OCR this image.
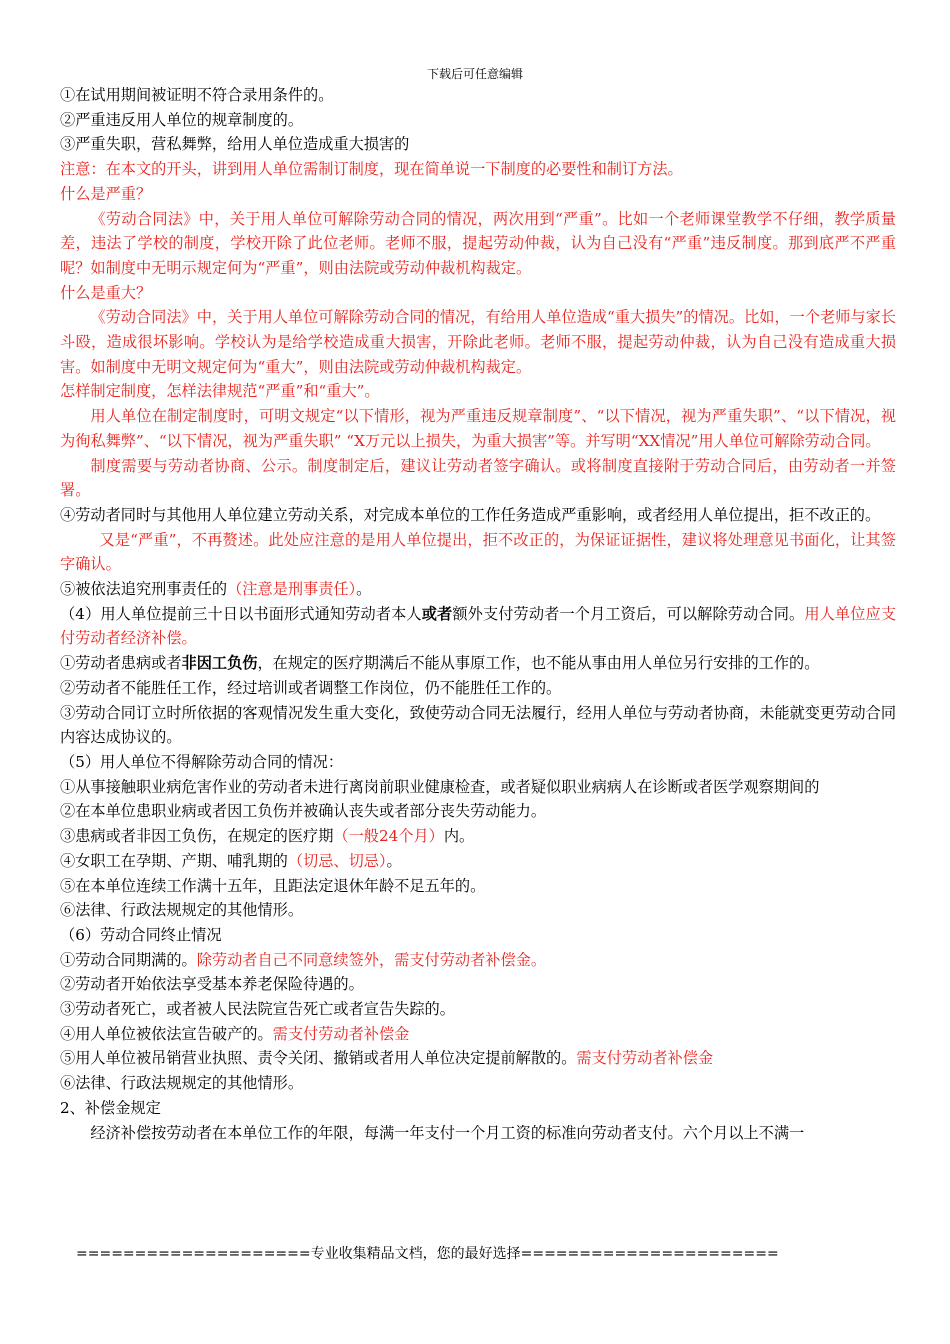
下载后可任意编辑

①在试用期间被证明不符合录用条件的。

②严重违反用人单位的规章制度的。

③严重失职，营私舞弊，给用人单位造成重大损害的

注意：在本文的开头，讲到用人单位需制订制度，现在简单说一下制度的必要性和制订方法。

什么是严重？

《劳动合同法》中，关于用人单位可解除劳动合同的情况，两次用到“严重”。比如一个老师课堂教学不仔细，教学质量差，违法了学校的制度，学校开除了此位老师。老师不服，提起劳动仲裁，认为自己没有“严重”违反制度。那到底严不严重呢？如制度中无明示规定何为“严重”，则由法院或劳动仲裁机构裁定。

什么是重大？

《劳动合同法》中，关于用人单位可解除劳动合同的情况，有给用人单位造成“重大损失”的情况。比如，一个老师与家长斗殴，造成很坏影响。学校认为是给学校造成重大损害，开除此老师。老师不服，提起劳动仲裁，认为自己没有造成重大损害。如制度中无明文规定何为“重大”，则由法院或劳动仲裁机构裁定。

怎样制定制度，怎样法律规范“严重”和“重大”。

用人单位在制定制度时，可明文规定“以下情形，视为严重违反规章制度”、“以下情况，视为严重失职”、“以下情况，视为徇私舞弊”、“以下情况，视为严重失职” “X万元以上损失，为重大损害”等。并写明“XX情况”用人单位可解除劳动合同。

制度需要与劳动者协商、公示。制度制定后，建议让劳动者签字确认。或将制度直接附于劳动合同后，由劳动者一并签署。

④劳动者同时与其他用人单位建立劳动关系，对完成本单位的工作任务造成严重影响，或者经用人单位提出，拒不改正的。

又是“严重”，不再赘述。此处应注意的是用人单位提出，拒不改正的，为保证证据性，建议将处理意见书面化，让其签字确认。

⑤被依法追究刑事责任的（注意是刑事责任）。

（4）用人单位提前三十日以书面形式通知劳动者本人或者额外支付劳动者一个月工资后，可以解除劳动合同。用人单位应支付劳动者经济补偿。

①劳动者患病或者非因工负伤，在规定的医疗期满后不能从事原工作，也不能从事由用人单位另行安排的工作的。

②劳动者不能胜任工作，经过培训或者调整工作岗位，仍不能胜任工作的。

③劳动合同订立时所依据的客观情况发生重大变化，致使劳动合同无法履行，经用人单位与劳动者协商，未能就变更劳动合同内容达成协议的。

（5）用人单位不得解除劳动合同的情况：

①从事接触职业病危害作业的劳动者未进行离岗前职业健康检查，或者疑似职业病病人在诊断或者医学观察期间的

②在本单位患职业病或者因工负伤并被确认丧失或者部分丧失劳动能力。

③患病或者非因工负伤，在规定的医疗期（一般24个月）内。

④女职工在孕期、产期、哺乳期的（切忌、切忌）。

⑤在本单位连续工作满十五年，且距法定退休年龄不足五年的。

⑥法律、行政法规规定的其他情形。

（6）劳动合同终止情况

①劳动合同期满的。除劳动者自己不同意续签外，需支付劳动者补偿金。

②劳动者开始依法享受基本养老保险待遇的。

③劳动者死亡，或者被人民法院宣告死亡或者宣告失踪的。

④用人单位被依法宣告破产的。需支付劳动者补偿金

⑤用人单位被吊销营业执照、责令关闭、撤销或者用人单位决定提前解散的。需支付劳动者补偿金

⑥法律、行政法规规定的其他情形。

2、补偿金规定

经济补偿按劳动者在本单位工作的年限，每满一年支付一个月工资的标准向劳动者支付。六个月以上不满一

====================专业收集精品文档，您的最好选择======================
